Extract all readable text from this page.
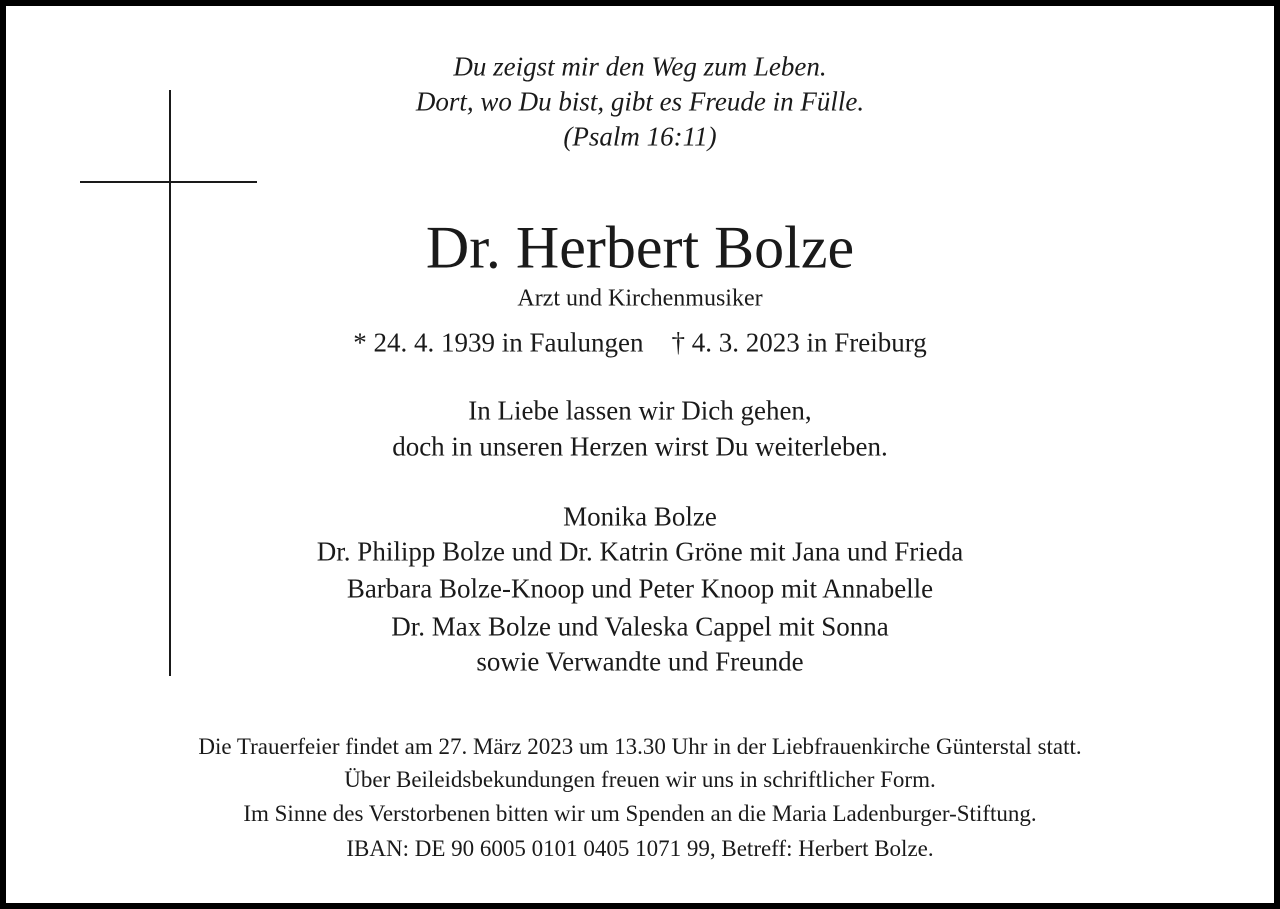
Du zeigst mir den Weg zum Leben.
Dort, wo Du bist, gibt es Freude in Fülle.
(Psalm 16:11)
Dr. Herbert Bolze
Arzt und Kirchenmusiker
* 24. 4. 1939 in Faulungen † 4. 3. 2023 in Freiburg
In Liebe lassen wir Dich gehen,
doch in unseren Herzen wirst Du weiterleben.
Monika Bolze
Dr. Philipp Bolze und Dr. Katrin Gröne mit Jana und Frieda
Barbara Bolze-Knoop und Peter Knoop mit Annabelle
Dr. Max Bolze und Valeska Cappel mit Sonna
sowie Verwandte und Freunde
Die Trauerfeier findet am 27. März 2023 um 13.30 Uhr in der Liebfrauenkirche Günterstal statt.
Über Beileidsbekundungen freuen wir uns in schriftlicher Form.
Im Sinne des Verstorbenen bitten wir um Spenden an die Maria Ladenburger-Stiftung.
IBAN: DE 90 6005 0101 0405 1071 99, Betreff: Herbert Bolze.
